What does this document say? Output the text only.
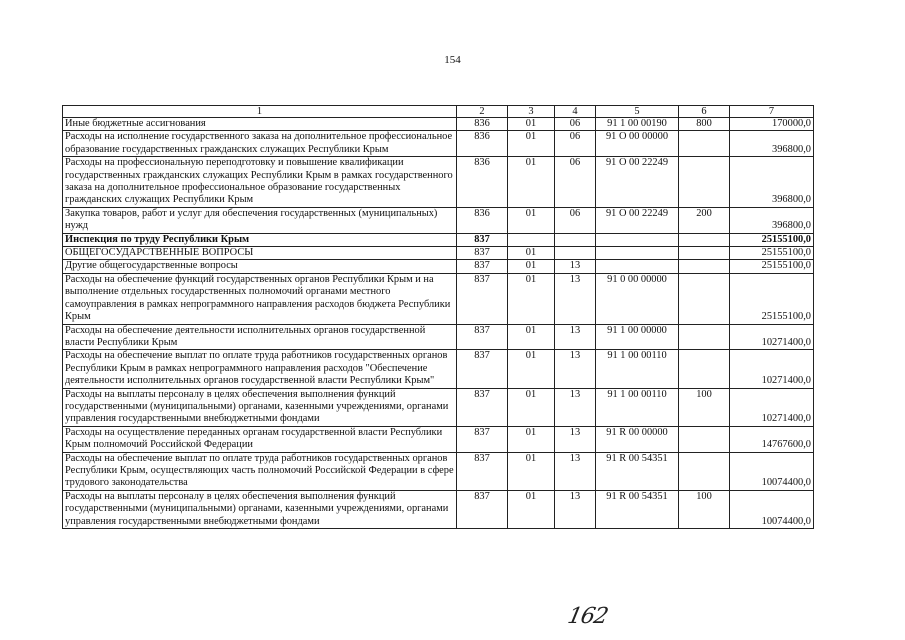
154
1	2	3	4	5	6	7
Иные бюджетные ассигнования	836	01	06	91 1 00 00190	800	170000,0
Расходы на исполнение государственного заказа на дополнительное профессиональное образование государственных гражданских служащих Республики Крым	836	01	06	91 О 00 00000		396800,0
Расходы на профессиональную переподготовку и повышение квалификации государственных гражданских служащих Республики Крым в рамках государственного заказа на дополнительное профессиональное образование государственных гражданских служащих Республики Крым	836	01	06	91 О 00 22249		396800,0
Закупка товаров, работ и услуг для обеспечения государственных (муниципальных) нужд	836	01	06	91 О 00 22249	200	396800,0
Инспекция по труду Республики Крым	837					25155100,0
ОБЩЕГОСУДАРСТВЕННЫЕ ВОПРОСЫ	837	01				25155100,0
Другие общегосударственные вопросы	837	01	13			25155100,0
Расходы на обеспечение функций государственных органов Республики Крым и на выполнение отдельных государственных полномочий органами местного самоуправления в рамках непрограммного направления расходов бюджета Республики Крым	837	01	13	91 0 00 00000		25155100,0
Расходы на обеспечение деятельности исполнительных органов государственной власти Республики Крым	837	01	13	91 1 00 00000		10271400,0
Расходы на обеспечение выплат по оплате труда работников государственных органов Республики Крым в рамках непрограммного направления расходов "Обеспечение деятельности исполнительных органов государственной власти Республики Крым"	837	01	13	91 1 00 00110		10271400,0
Расходы на выплаты персоналу в целях обеспечения выполнения функций государственными (муниципальными) органами, казенными учреждениями, органами управления государственными внебюджетными фондами	837	01	13	91 1 00 00110	100	10271400,0
Расходы на осуществление переданных органам государственной власти Республики Крым полномочий Российской Федерации	837	01	13	91 R 00 00000		14767600,0
Расходы на обеспечение выплат по оплате труда работников государственных органов Республики Крым, осуществляющих часть полномочий Российской Федерации в сфере трудового законодательства	837	01	13	91 R 00 54351		10074400,0
Расходы на выплаты персоналу в целях обеспечения выполнения функций государственными (муниципальными) органами, казенными учреждениями, органами управления государственными внебюджетными фондами	837	01	13	91 R 00 54351	100	10074400,0
162
